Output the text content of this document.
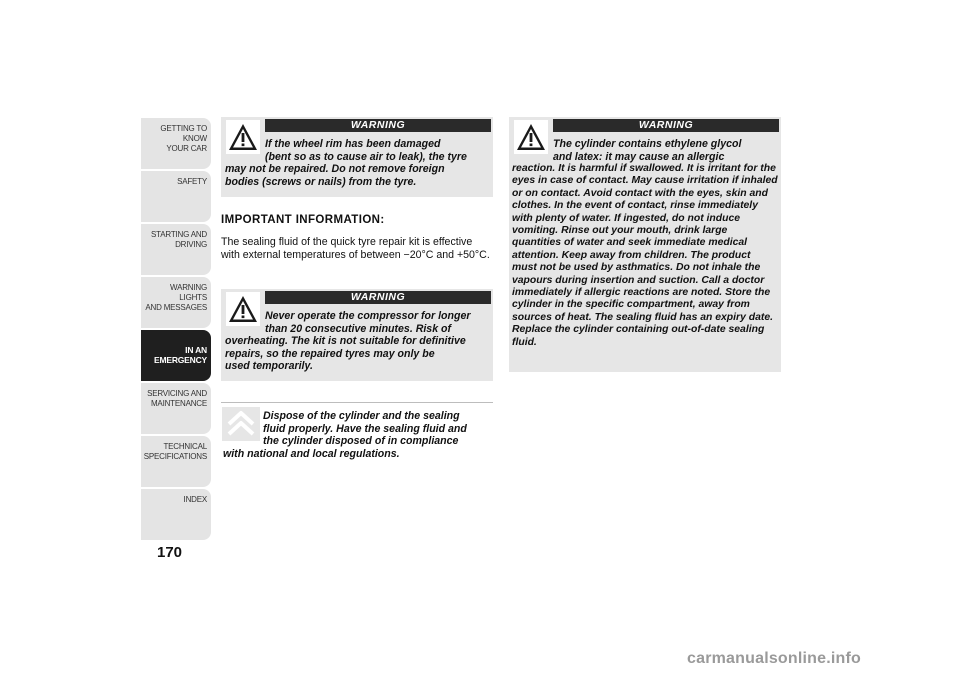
GETTING TO KNOW
YOUR CAR
SAFETY
STARTING AND
DRIVING
WARNING LIGHTS
AND MESSAGES
IN AN
EMERGENCY
SERVICING AND
MAINTENANCE
TECHNICAL
SPECIFICATIONS
INDEX
170
WARNING

If the wheel rim has been damaged

(bent so as to cause air to leak), the tyre

may not be repaired. Do not remove foreign

bodies (screws or nails) from the tyre.

IMPORTANT INFORMATION:
The sealing fluid of the quick tyre repair kit is effective with external temperatures of between −20°C and +50°C.
WARNING

Never operate the compressor for longer

than 20 consecutive minutes. Risk of

overheating. The kit is not suitable for definitive

repairs, so the repaired tyres may only be

used temporarily.

Dispose of the cylinder and the sealing

fluid properly. Have the sealing fluid and

the cylinder disposed of in compliance

with national and local regulations.

WARNING

The cylinder contains ethylene glycol

and latex: it may cause an allergic

reaction. It is harmful if swallowed. It is irritant for the eyes in case of contact. May cause irritation if inhaled or on contact. Avoid contact with the eyes, skin and clothes. In the event of contact, rinse immediately with plenty of water. If ingested, do not induce vomiting. Rinse out your mouth, drink large quantities of water and seek immediate medical attention. Keep away from children. The product must not be used by asthmatics. Do not inhale the vapours during insertion and suction. Call a doctor immediately if allergic reactions are noted. Store the cylinder in the specific compartment, away from sources of heat. The sealing fluid has an expiry date. Replace the cylinder containing out-of-date sealing fluid.

carmanualsonline.info
